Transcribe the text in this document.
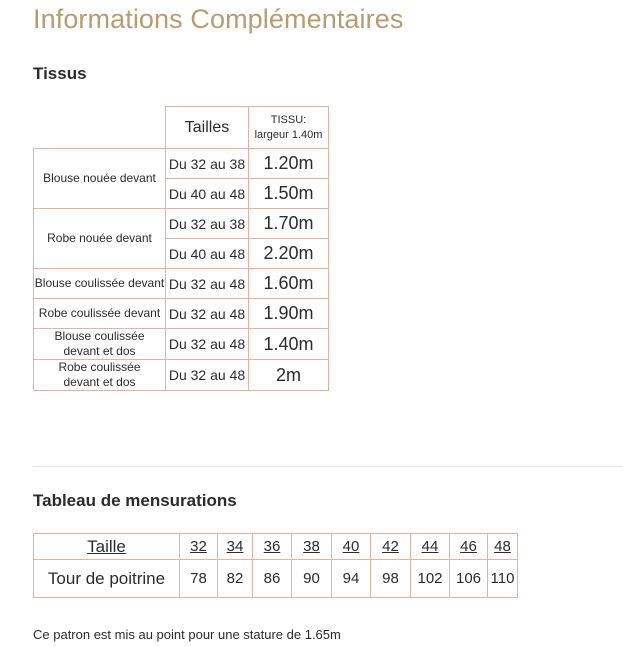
Informations Complémentaires
Tissus
	Tailles	TISSU:
largeur 1.40m
Blouse nouée devant	Du 32 au 38	1.20m
	Du 40 au 48	1.50m
Robe nouée devant	Du 32 au 38	1.70m
	Du 40 au 48	2.20m
Blouse coulissée devant	Du 32 au 48	1.60m
Robe coulissée devant	Du 32 au 48	1.90m
Blouse coulissée
devant et dos	Du 32 au 48	1.40m
Robe coulissée
devant et dos	Du 32 au 48	2m
Tableau de mensurations
Taille	32	34	36	38	40	42	44	46	48
Tour de poitrine	78	82	86	90	94	98	102	106	110

Ce patron est mis au point pour une stature de 1.65m
